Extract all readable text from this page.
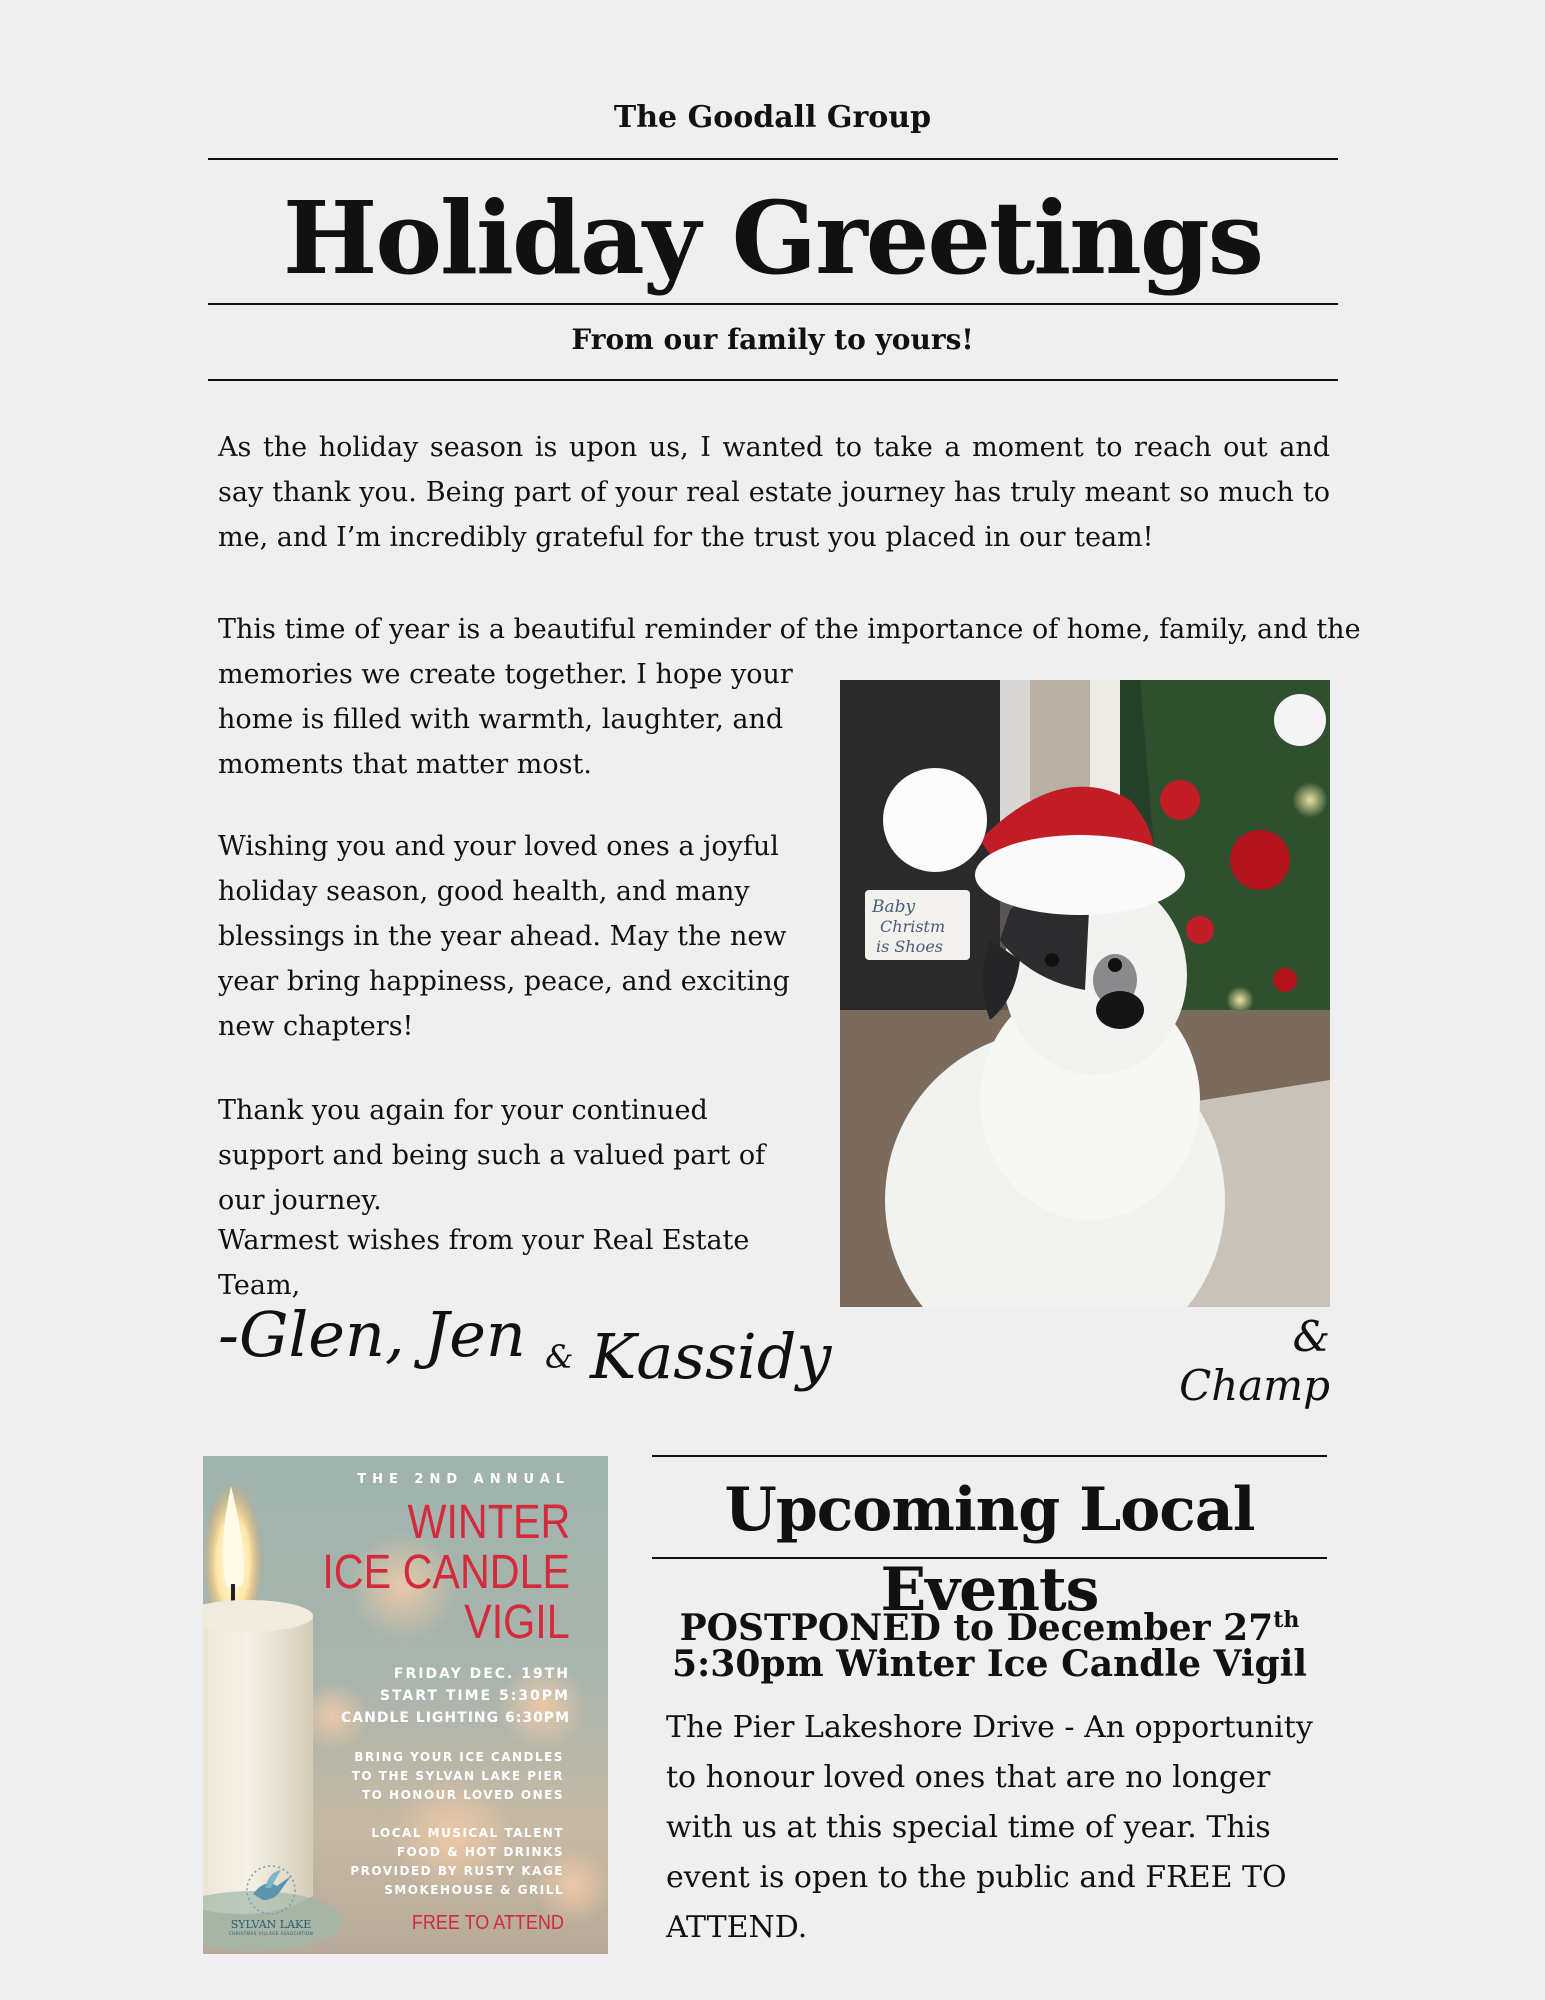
The Goodall Group
Holiday Greetings
From our family to yours!

As the holiday season is upon us, I wanted to take a moment to reach out and say thank you. Being part of your real estate journey has truly meant so much to me, and I’m incredibly grateful for the trust you placed in our team!

This time of year is a beautiful reminder of the importance of home, family, and the

memories we create together. I hope your home is filled with warmth, laughter, and moments that matter most.

Wishing you and your loved ones a joyful holiday season, good health, and many blessings in the year ahead. May the new year bring happiness, peace, and exciting new chapters!

Thank you again for your continued support and being such a valued part of our journey.

Warmest wishes from your Real Estate Team,

Baby
Christm
is Shoes
-Glen, Jen & Kassidy	& Champ
THE 2ND ANNUAL
WINTER
ICE CANDLE
VIGIL
FRIDAY DEC. 19TH
START TIME 5:30PM
CANDLE LIGHTING 6:30PM
BRING YOUR ICE CANDLES
TO THE SYLVAN LAKE PIER
TO HONOUR LOVED ONES
LOCAL MUSICAL TALENT
FOOD & HOT DRINKS
PROVIDED BY RUSTY KAGE
SMOKEHOUSE & GRILL
FREE TO ATTEND
SYLVAN LAKE
CHRISTMAS VILLAGE ASSOCIATION
Upcoming Local Events
POSTPONED to December 27th
5:30pm Winter Ice Candle Vigil
The Pier Lakeshore Drive - An opportunity to honour loved ones that are no longer with us at this special time of year. This event is open to the public and FREE TO ATTEND.
